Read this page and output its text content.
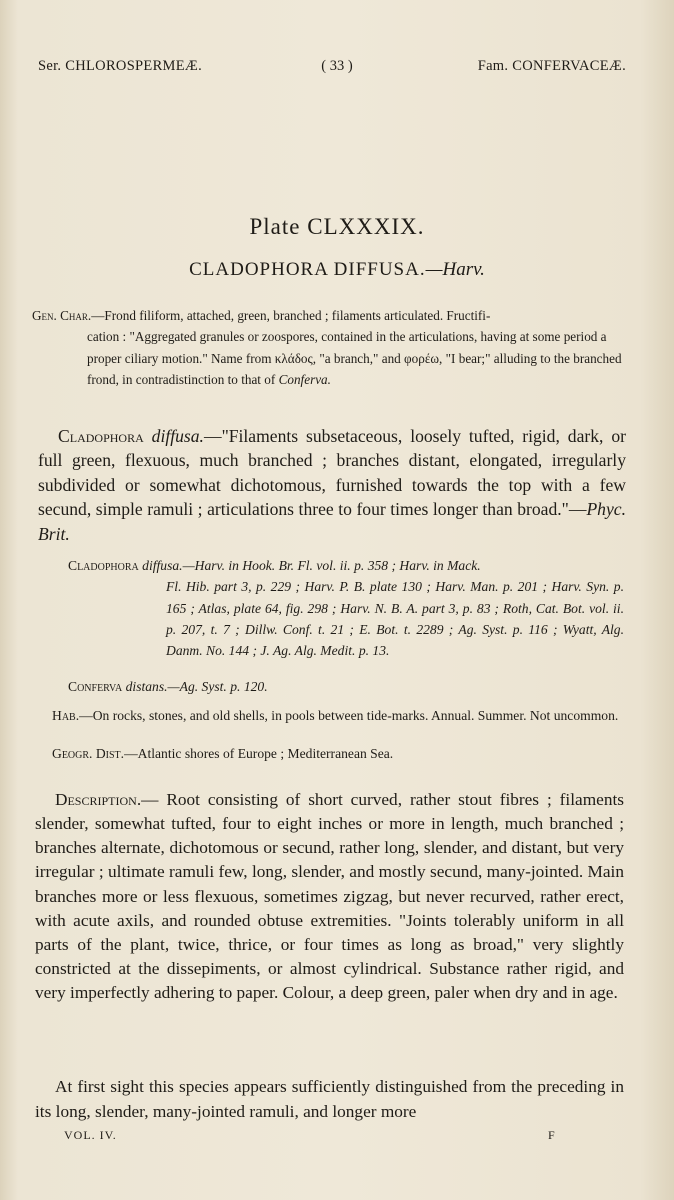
( 33 )
Ser. CHLOROSPERMEÆ.	Fam. CONFERVACEÆ.
Plate CLXXXIX.
CLADOPHORA DIFFUSA.—Harv.
Gen. Char.—Frond filiform, attached, green, branched ; filaments articulated. Fructifi-
cation : "Aggregated granules or zoospores, contained in the articulations, having at some period a proper ciliary motion." Name from κλάδος, "a branch," and φορέω, "I bear;" alluding to the branched frond, in contradistinction to that of Conferva.

Cladophora diffusa.—"Filaments subsetaceous, loosely tufted, rigid, dark, or full green, flexuous, much branched ; branches distant, elongated, irregularly subdivided or somewhat dichotomous, furnished towards the top with a few secund, simple ramuli ; articulations three to four times longer than broad."—Phyc. Brit.

Cladophora diffusa.—Harv. in Hook. Br. Fl. vol. ii. p. 358 ; Harv. in Mack.
Fl. Hib. part 3, p. 229 ; Harv. P. B. plate 130 ; Harv. Man. p. 201 ; Harv. Syn. p. 165 ; Atlas, plate 64, fig. 298 ; Harv. N. B. A. part 3, p. 83 ; Roth, Cat. Bot. vol. ii. p. 207, t. 7 ; Dillw. Conf. t. 21 ; E. Bot. t. 2289 ; Ag. Syst. p. 116 ; Wyatt, Alg. Danm. No. 144 ; J. Ag. Alg. Medit. p. 13.
Conferva distans.—Ag. Syst. p. 120.
Hab.—On rocks, stones, and old shells, in pools between tide-marks. Annual. Summer. Not uncommon.
Geogr. Dist.—Atlantic shores of Europe ; Mediterranean Sea.

Description.— Root consisting of short curved, rather stout fibres ; filaments slender, somewhat tufted, four to eight inches or more in length, much branched ; branches alternate, dichotomous or secund, rather long, slender, and distant, but very irregular ; ultimate ramuli few, long, slender, and mostly secund, many-jointed. Main branches more or less flexuous, sometimes zigzag, but never recurved, rather erect, with acute axils, and rounded obtuse extremities. "Joints tolerably uniform in all parts of the plant, twice, thrice, or four times as long as broad," very slightly constricted at the dissepiments, or almost cylindrical. Substance rather rigid, and very imperfectly adhering to paper. Colour, a deep green, paler when dry and in age.

At first sight this species appears sufficiently distinguished from the preceding in its long, slender, many-jointed ramuli, and longer more

VOL. IV.	F
